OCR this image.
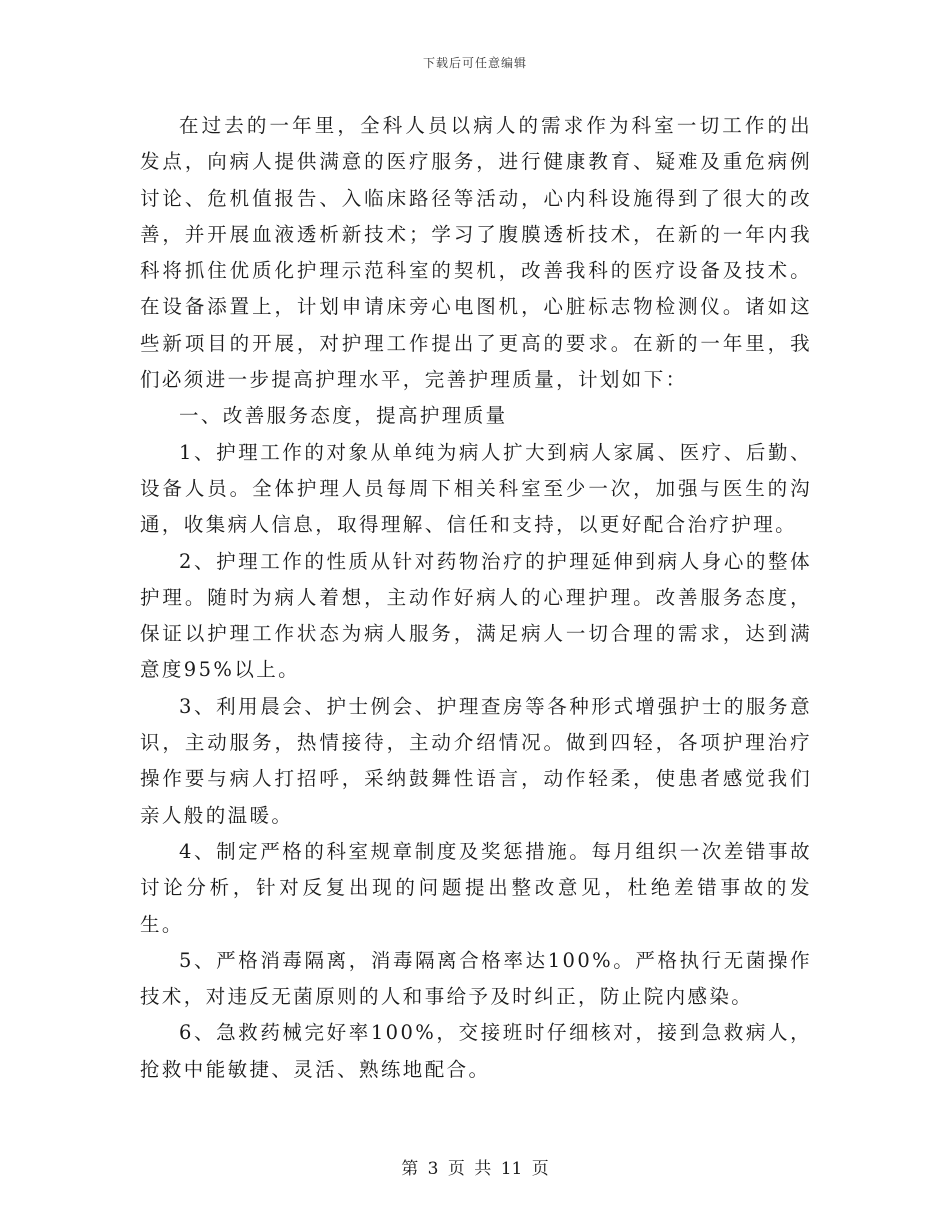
下载后可任意编辑

在过去的一年里，全科人员以病人的需求作为科室一切工作的出发点，向病人提供满意的医疗服务，进行健康教育、疑难及重危病例讨论、危机值报告、入临床路径等活动，心内科设施得到了很大的改善，并开展血液透析新技术；学习了腹膜透析技术，在新的一年内我科将抓住优质化护理示范科室的契机，改善我科的医疗设备及技术。在设备添置上，计划申请床旁心电图机，心脏标志物检测仪。诸如这些新项目的开展，对护理工作提出了更高的要求。在新的一年里，我们必须进一步提高护理水平，完善护理质量，计划如下：

一、改善服务态度，提高护理质量

1、护理工作的对象从单纯为病人扩大到病人家属、医疗、后勤、设备人员。全体护理人员每周下相关科室至少一次，加强与医生的沟通，收集病人信息，取得理解、信任和支持，以更好配合治疗护理。

2、护理工作的性质从针对药物治疗的护理延伸到病人身心的整体护理。随时为病人着想，主动作好病人的心理护理。改善服务态度，保证以护理工作状态为病人服务，满足病人一切合理的需求，达到满意度95%以上。

3、利用晨会、护士例会、护理查房等各种形式增强护士的服务意识，主动服务，热情接待，主动介绍情况。做到四轻，各项护理治疗操作要与病人打招呼，采纳鼓舞性语言，动作轻柔，使患者感觉我们亲人般的温暖。

4、制定严格的科室规章制度及奖惩措施。每月组织一次差错事故讨论分析，针对反复出现的问题提出整改意见，杜绝差错事故的发生。

5、严格消毒隔离，消毒隔离合格率达100%。严格执行无菌操作技术，对违反无菌原则的人和事给予及时纠正，防止院内感染。

6、急救药械完好率100%，交接班时仔细核对，接到急救病人，抢救中能敏捷、灵活、熟练地配合。

第 3 页 共 11 页
